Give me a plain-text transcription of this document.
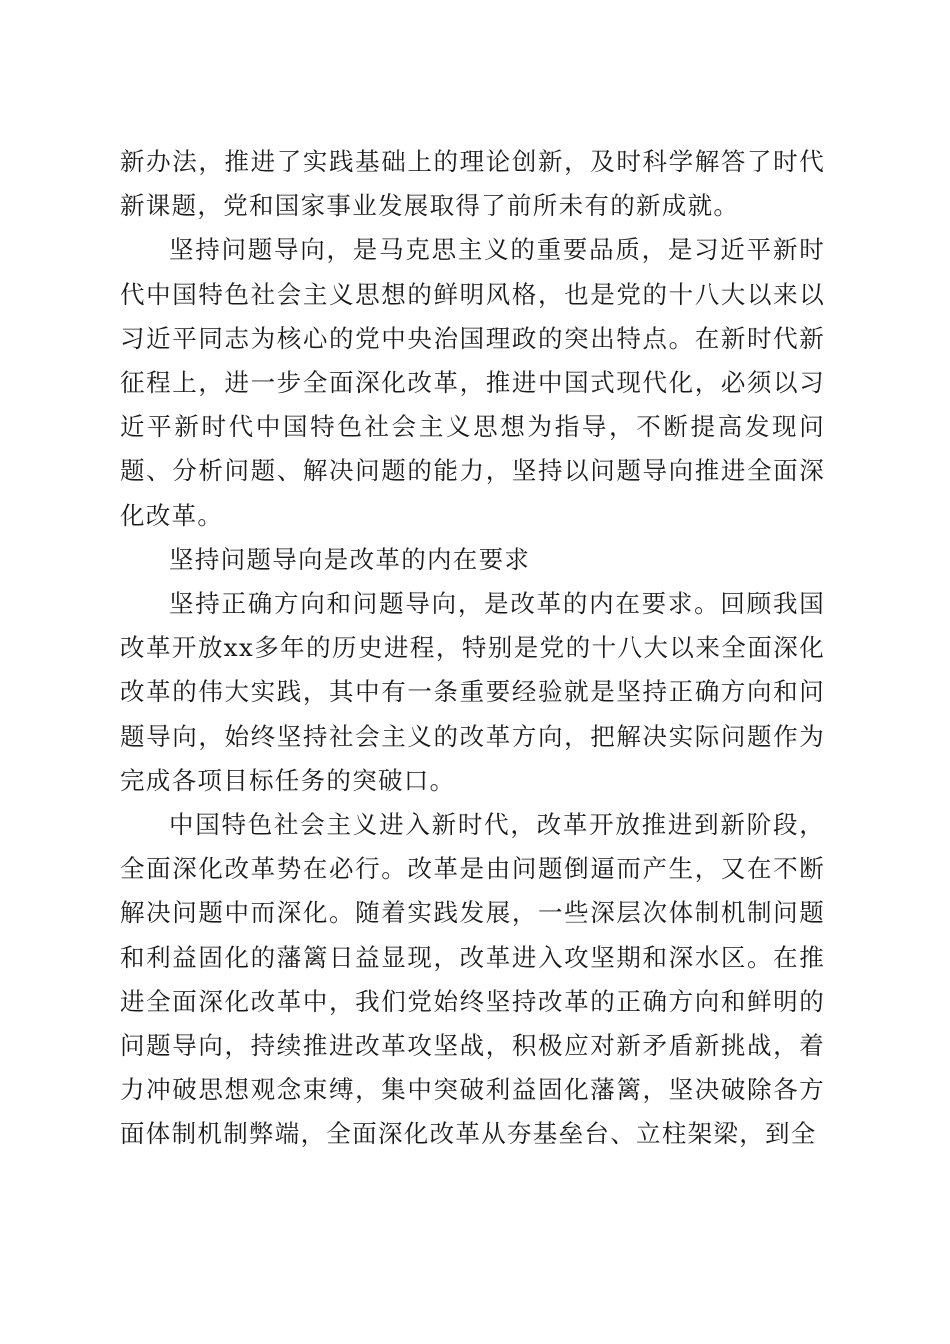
新办法，推进了实践基础上的理论创新，及时科学解答了时代新课题，党和国家事业发展取得了前所未有的新成就。

坚持问题导向，是马克思主义的重要品质，是习近平新时代中国特色社会主义思想的鲜明风格，也是党的十八大以来以习近平同志为核心的党中央治国理政的突出特点。在新时代新征程上，进一步全面深化改革，推进中国式现代化，必须以习近平新时代中国特色社会主义思想为指导，不断提高发现问题、分析问题、解决问题的能力，坚持以问题导向推进全面深化改革。

坚持问题导向是改革的内在要求

坚持正确方向和问题导向，是改革的内在要求。回顾我国改革开放xx多年的历史进程，特别是党的十八大以来全面深化改革的伟大实践，其中有一条重要经验就是坚持正确方向和问题导向，始终坚持社会主义的改革方向，把解决实际问题作为完成各项目标任务的突破口。

中国特色社会主义进入新时代，改革开放推进到新阶段，全面深化改革势在必行。改革是由问题倒逼而产生，又在不断解决问题中而深化。随着实践发展，一些深层次体制机制问题和利益固化的藩篱日益显现，改革进入攻坚期和深水区。在推进全面深化改革中，我们党始终坚持改革的正确方向和鲜明的问题导向，持续推进改革攻坚战，积极应对新矛盾新挑战，着力冲破思想观念束缚，集中突破利益固化藩篱，坚决破除各方面体制机制弊端，全面深化改革从夯基垒台、立柱架梁，到全
